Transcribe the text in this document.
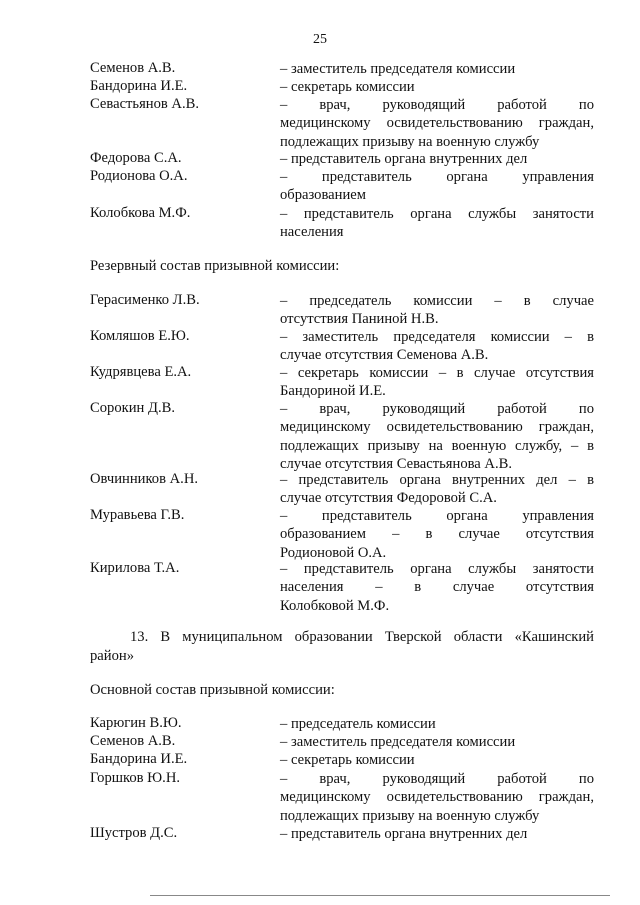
25
Семенов А.В.	– заместитель председателя комиссии
Бандорина И.Е.	– секретарь комиссии
Севастьянов А.В.	– врач, руководящий работой по
медицинскому освидетельствованию граждан,
подлежащих призыву на военную службу
Федорова С.А.	– представитель органа внутренних дел
Родионова О.А.	– представитель органа управления
образованием
Колобкова М.Ф.	– представитель органа службы занятости
населения
Резервный состав призывной комиссии:
Герасименко Л.В.	– председатель комиссии – в случае
отсутствия Паниной Н.В.
Комляшов Е.Ю.	– заместитель председателя комиссии – в
случае отсутствия Семенова А.В.
Кудрявцева Е.А.	– секретарь комиссии – в случае отсутствия
Бандориной И.Е.
Сорокин Д.В.	– врач, руководящий работой по
медицинскому освидетельствованию граждан,
подлежащих призыву на военную службу, – в
случае отсутствия Севастьянова А.В.
Овчинников А.Н.	– представитель органа внутренних дел – в
случае отсутствия Федоровой С.А.
Муравьева Г.В.	– представитель органа управления
образованием – в случае отсутствия
Родионовой О.А.
Кирилова Т.А.	– представитель органа службы занятости
населения – в случае отсутствия
Колобковой М.Ф.
13. В муниципальном образовании Тверской области «Кашинский
район»
Основной состав призывной комиссии:
Карюгин В.Ю.	– председатель комиссии
Семенов А.В.	– заместитель председателя комиссии
Бандорина И.Е.	– секретарь комиссии
Горшков Ю.Н.	– врач, руководящий работой по
медицинскому освидетельствованию граждан,
подлежащих призыву на военную службу
Шустров Д.С.	– представитель органа внутренних дел
